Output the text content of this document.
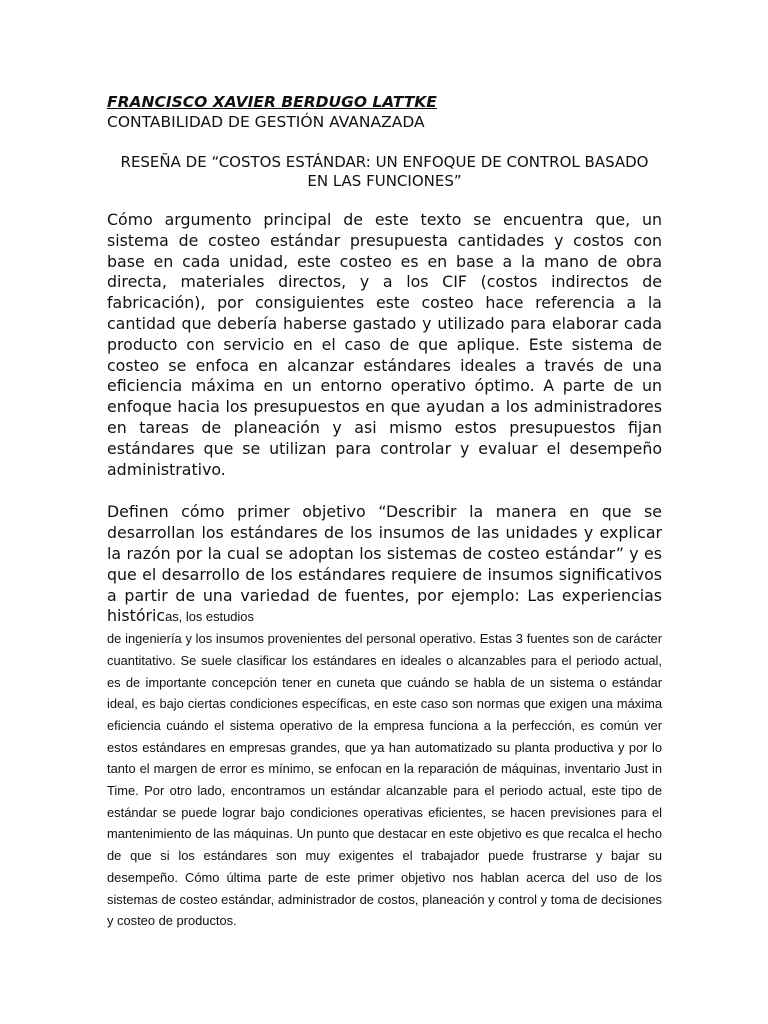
FRANCISCO XAVIER BERDUGO LATTKE

CONTABILIDAD DE GESTIÓN AVANAZADA

RESEÑA DE “COSTOS ESTÁNDAR: UN ENFOQUE DE CONTROL BASADO
EN LAS FUNCIONES”

Cómo argumento principal de este texto se encuentra que, un sistema de costeo estándar presupuesta cantidades y costos con base en cada unidad, este costeo es en base a la mano de obra directa, materiales directos, y a los CIF (costos indirectos de fabricación), por consiguientes este costeo hace referencia a la cantidad que debería haberse gastado y utilizado para elaborar cada producto con servicio en el caso de que aplique. Este sistema de costeo se enfoca en alcanzar estándares ideales a través de una eficiencia máxima en un entorno operativo óptimo. A parte de un enfoque hacia los presupuestos en que ayudan a los administradores en tareas de planeación y asi mismo estos presupuestos fijan estándares que se utilizan para controlar y evaluar el desempeño administrativo.

Definen cómo primer objetivo “Describir la manera en que se desarrollan los estándares de los insumos de las unidades y explicar la razón por la cual se adoptan los sistemas de costeo estándar” y es que el desarrollo de los estándares requiere de insumos significativos a partir de una variedad de fuentes, por ejemplo: Las experiencias históricas, los estudios

de ingeniería y los insumos provenientes del personal operativo. Estas 3 fuentes son de carácter cuantitativo. Se suele clasificar los estándares en ideales o alcanzables para el periodo actual, es de importante concepción tener en cuneta que cuándo se habla de un sistema o estándar ideal, es bajo ciertas condiciones específicas, en este caso son normas que exigen una máxima eficiencia cuándo el sistema operativo de la empresa funciona a la perfección, es común ver estos estándares en empresas grandes, que ya han automatizado su planta productiva y por lo tanto el margen de error es mínimo, se enfocan en la reparación de máquinas, inventario Just in Time. Por otro lado, encontramos un estándar alcanzable para el periodo actual, este tipo de estándar se puede lograr bajo condiciones operativas eficientes, se hacen previsiones para el mantenimiento de las máquinas. Un punto que destacar en este objetivo es que recalca el hecho de que si los estándares son muy exigentes el trabajador puede frustrarse y bajar su desempeño. Cómo última parte de este primer objetivo nos hablan acerca del uso de los sistemas de costeo estándar, administrador de costos, planeación y control y toma de decisiones y costeo de productos.
